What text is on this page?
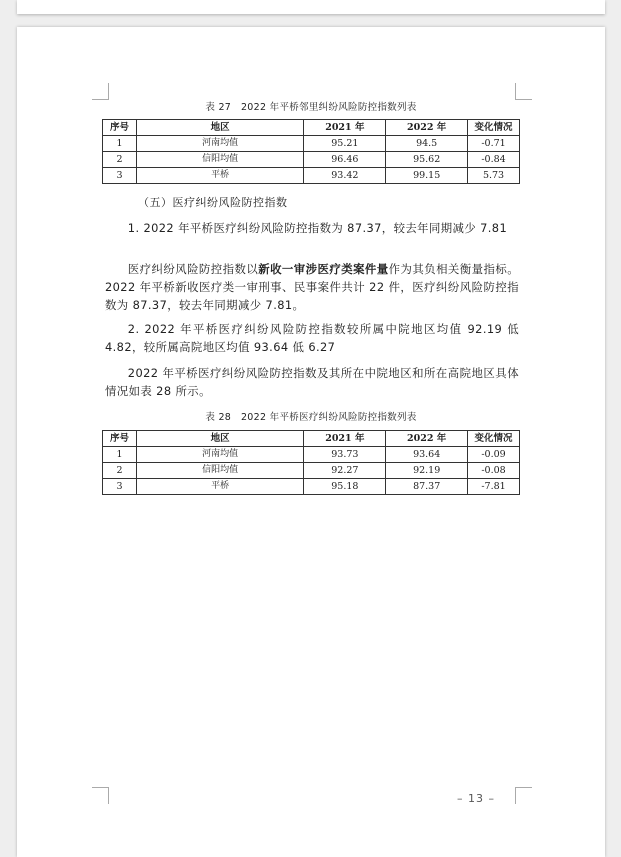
表 27　2022 年平桥邻里纠纷风险防控指数列表
序号	地区	2021 年	2022 年	变化情况
1	河南均值	95.21	94.5	-0.71
2	信阳均值	96.46	95.62	-0.84
3	平桥	93.42	99.15	5.73
（五）医疗纠纷风险防控指数

1. 2022 年平桥医疗纠纷风险防控指数为 87.37，较去年同期减少 7.81

医疗纠纷风险防控指数以新收一审涉医疗类案件量作为其负相关衡量指标。2022 年平桥新收医疗类一审刑事、民事案件共计 22 件，医疗纠纷风险防控指数为 87.37，较去年同期减少 7.81。

2. 2022 年平桥医疗纠纷风险防控指数较所属中院地区均值 92.19 低 4.82，较所属高院地区均值 93.64 低 6.27

2022 年平桥医疗纠纷风险防控指数及其所在中院地区和所在高院地区具体情况如表 28 所示。

表 28　2022 年平桥医疗纠纷风险防控指数列表
序号	地区	2021 年	2022 年	变化情况
1	河南均值	93.73	93.64	-0.09
2	信阳均值	92.27	92.19	-0.08
3	平桥	95.18	87.37	-7.81
– 13 –
